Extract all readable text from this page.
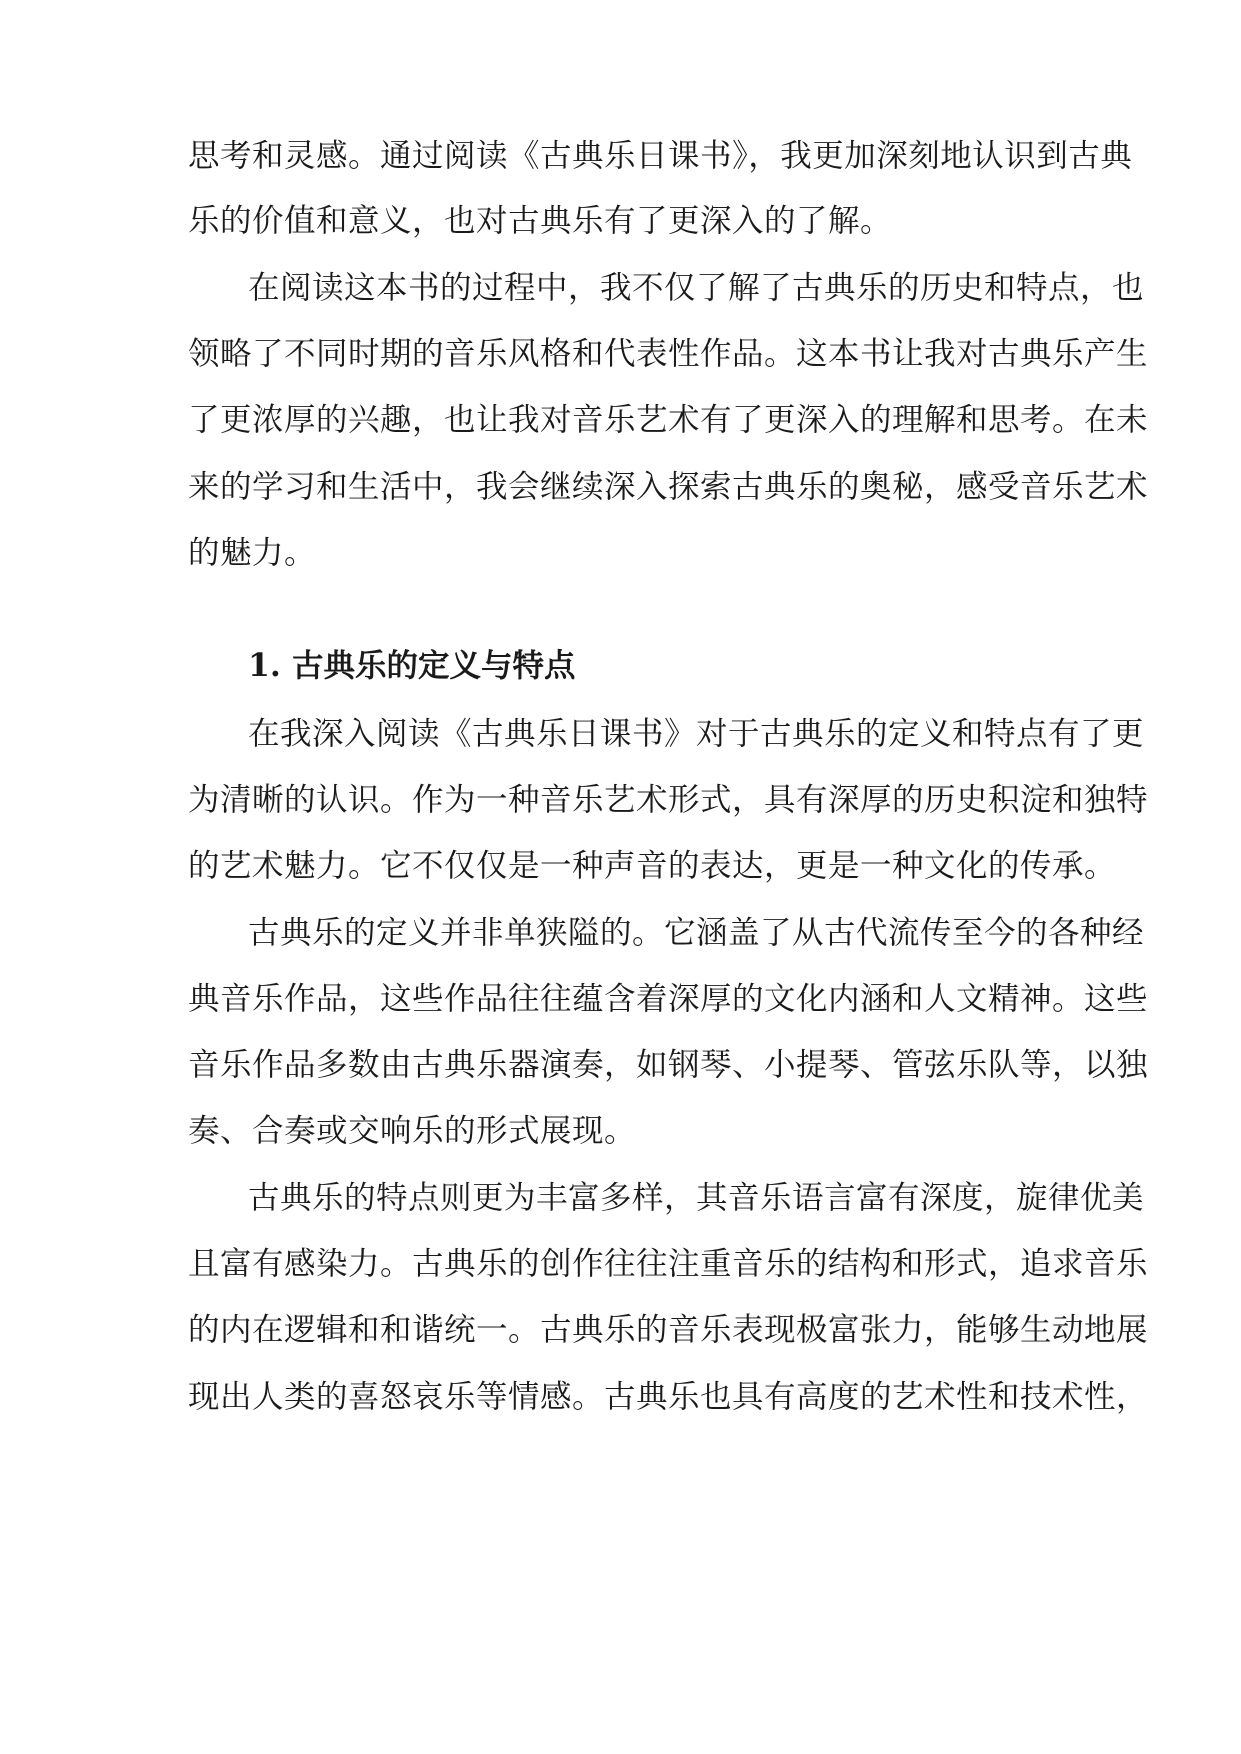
思考和灵感。通过阅读《古典乐日课书》，我更加深刻地认识到古典
乐的价值和意义，也对古典乐有了更深入的了解。
在阅读这本书的过程中，我不仅了解了古典乐的历史和特点，也
领略了不同时期的音乐风格和代表性作品。这本书让我对古典乐产生
了更浓厚的兴趣，也让我对音乐艺术有了更深入的理解和思考。在未
来的学习和生活中，我会继续深入探索古典乐的奥秘，感受音乐艺术
的魅力。
1. 古典乐的定义与特点
在我深入阅读《古典乐日课书》对于古典乐的定义和特点有了更
为清晰的认识。作为一种音乐艺术形式，具有深厚的历史积淀和独特
的艺术魅力。它不仅仅是一种声音的表达，更是一种文化的传承。
古典乐的定义并非单狭隘的。它涵盖了从古代流传至今的各种经
典音乐作品，这些作品往往蕴含着深厚的文化内涵和人文精神。这些
音乐作品多数由古典乐器演奏，如钢琴、小提琴、管弦乐队等，以独
奏、合奏或交响乐的形式展现。
古典乐的特点则更为丰富多样，其音乐语言富有深度，旋律优美
且富有感染力。古典乐的创作往往注重音乐的结构和形式，追求音乐
的内在逻辑和和谐统一。古典乐的音乐表现极富张力，能够生动地展
现出人类的喜怒哀乐等情感。古典乐也具有高度的艺术性和技术性，
